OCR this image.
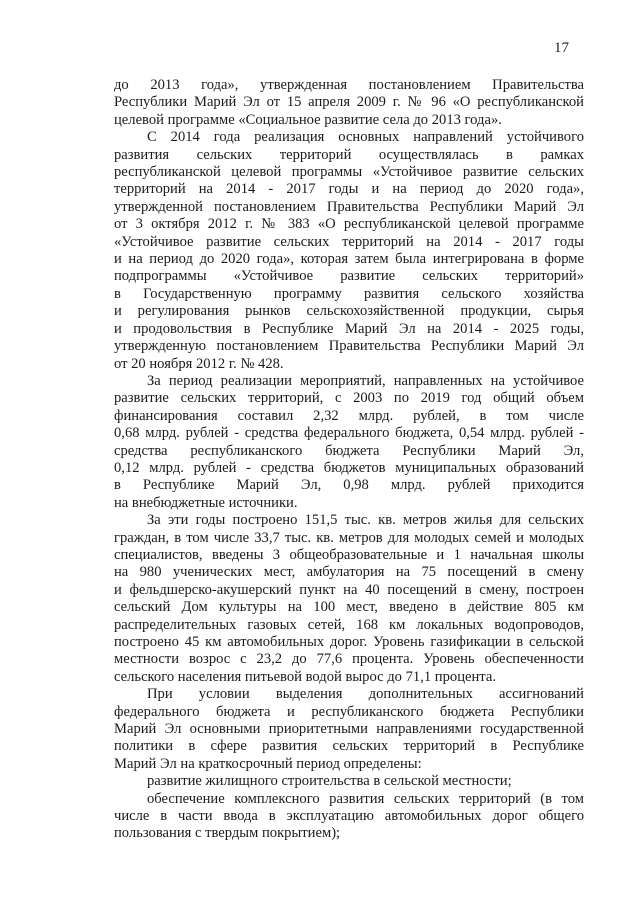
17
до 2013 года», утвержденная постановлением Правительства
Республики Марий Эл от 15 апреля 2009 г. № 96 «О республиканской
целевой программе «Социальное развитие села до 2013 года».
С 2014 года реализация основных направлений устойчивого
развития сельских территорий осуществлялась в рамках
республиканской целевой программы «Устойчивое развитие сельских
территорий на 2014 - 2017 годы и на период до 2020 года»,
утвержденной постановлением Правительства Республики Марий Эл
от 3 октября 2012 г. № 383 «О республиканской целевой программе
«Устойчивое развитие сельских территорий на 2014 - 2017 годы
и на период до 2020 года», которая затем была интегрирована в форме
подпрограммы «Устойчивое развитие сельских территорий»
в Государственную программу развития сельского хозяйства
и регулирования рынков сельскохозяйственной продукции, сырья
и продовольствия в Республике Марий Эл на 2014 - 2025 годы,
утвержденную постановлением Правительства Республики Марий Эл
от 20 ноября 2012 г. № 428.
За период реализации мероприятий, направленных на устойчивое
развитие сельских территорий, с 2003 по 2019 год общий объем
финансирования составил 2,32 млрд. рублей, в том числе
0,68 млрд. рублей - средства федерального бюджета, 0,54 млрд. рублей -
средства республиканского бюджета Республики Марий Эл,
0,12 млрд. рублей - средства бюджетов муниципальных образований
в Республике Марий Эл, 0,98 млрд. рублей приходится
на внебюджетные источники.
За эти годы построено 151,5 тыс. кв. метров жилья для сельских
граждан, в том числе 33,7 тыс. кв. метров для молодых семей и молодых
специалистов, введены 3 общеобразовательные и 1 начальная школы
на 980 ученических мест, амбулатория на 75 посещений в смену
и фельдшерско-акушерский пункт на 40 посещений в смену, построен
сельский Дом культуры на 100 мест, введено в действие 805 км
распределительных газовых сетей, 168 км локальных водопроводов,
построено 45 км автомобильных дорог. Уровень газификации в сельской
местности возрос с 23,2 до 77,6 процента. Уровень обеспеченности
сельского населения питьевой водой вырос до 71,1 процента.
При условии выделения дополнительных ассигнований
федерального бюджета и республиканского бюджета Республики
Марий Эл основными приоритетными направлениями государственной
политики в сфере развития сельских территорий в Республике
Марий Эл на краткосрочный период определены:
развитие жилищного строительства в сельской местности;
обеспечение комплексного развития сельских территорий (в том
числе в части ввода в эксплуатацию автомобильных дорог общего
пользования с твердым покрытием);
